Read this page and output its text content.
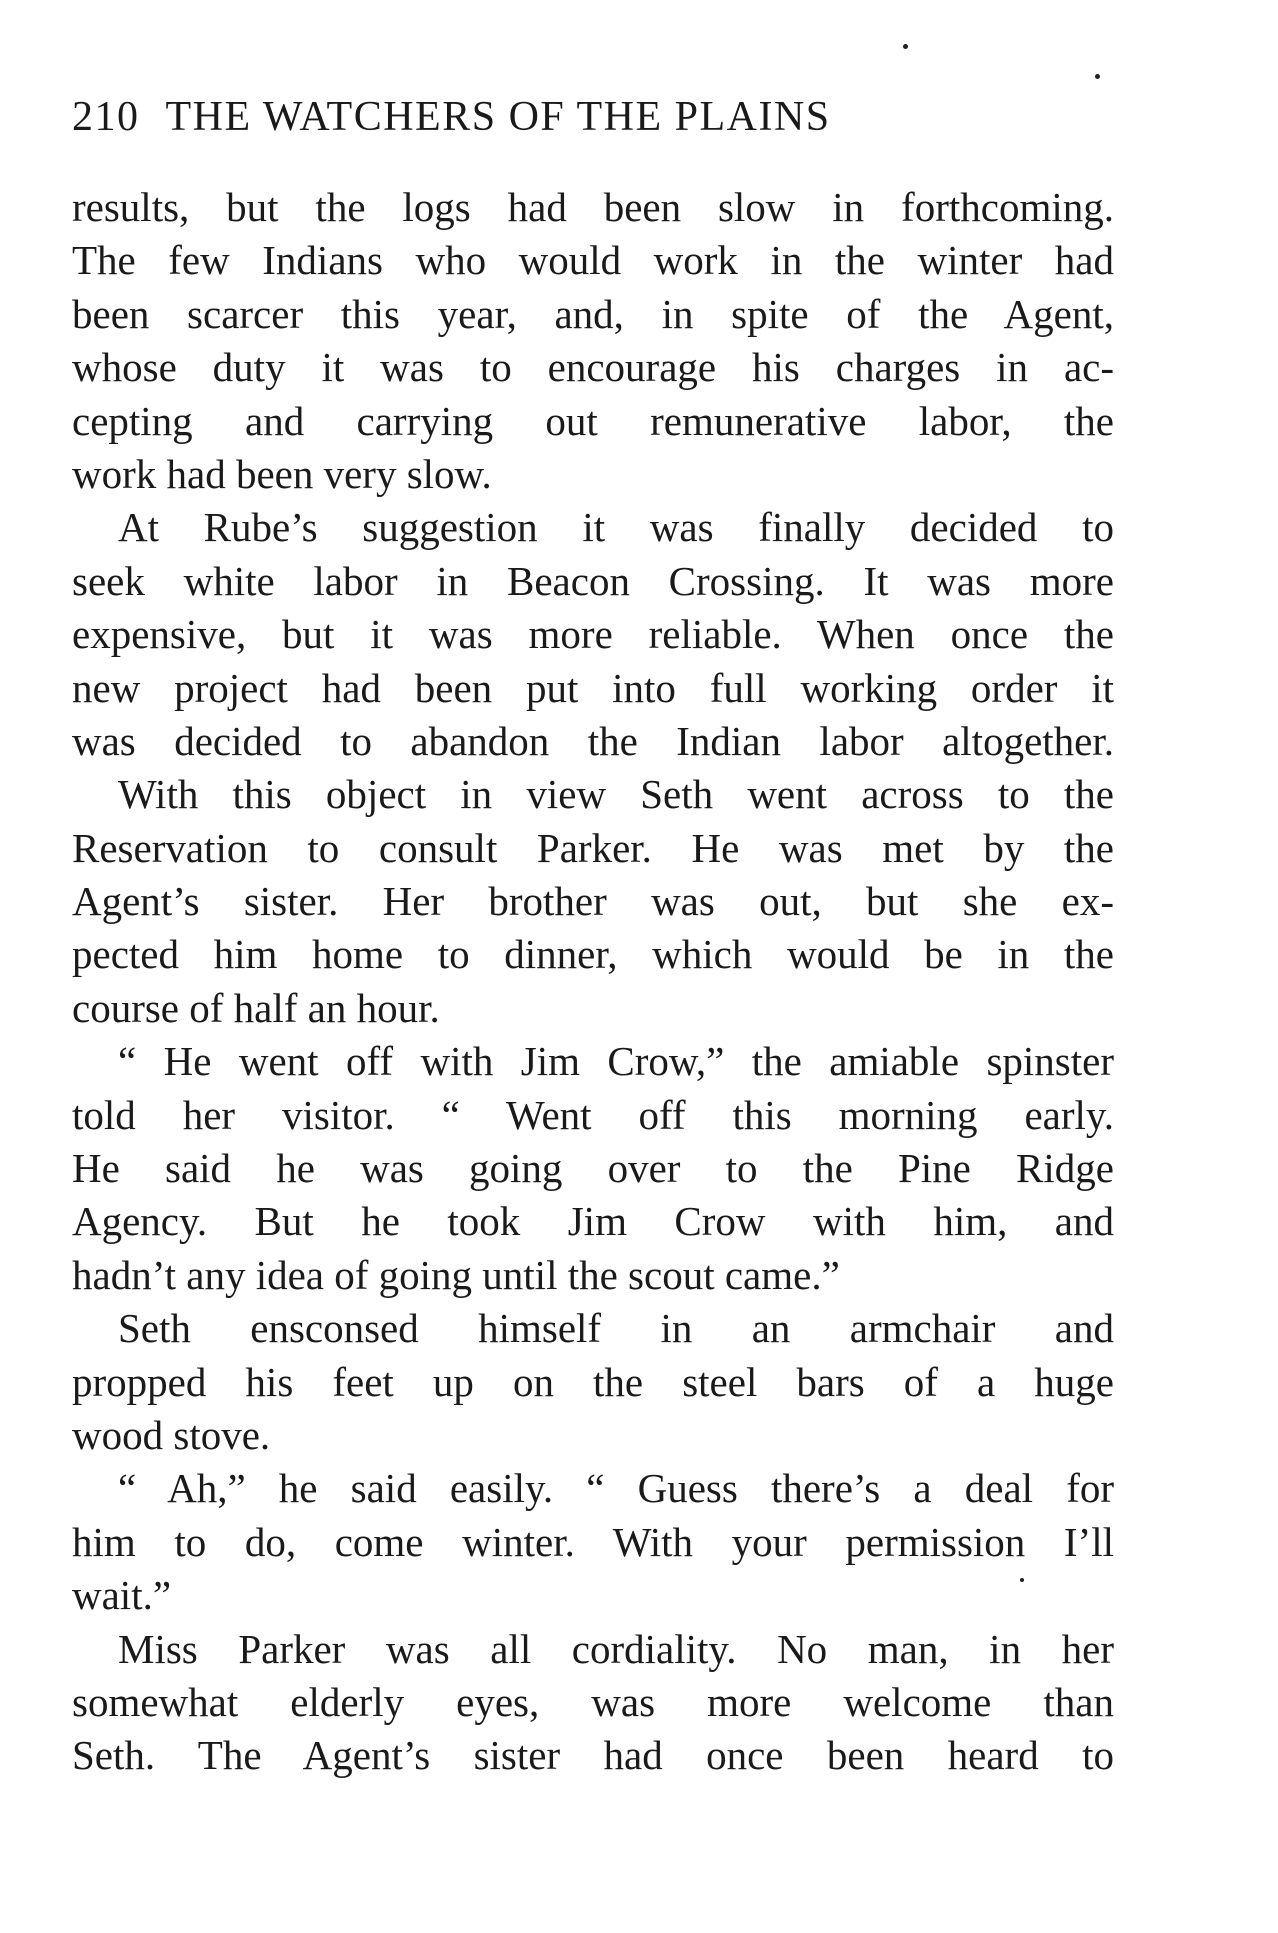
210 THE WATCHERS OF THE PLAINS
results, but the logs had been slow in forthcoming.
The few Indians who would work in the winter had
been scarcer this year, and, in spite of the Agent,
whose duty it was to encourage his charges in ac-
cepting and carrying out remunerative labor, the
work had been very slow.
At Rube’s suggestion it was finally decided to
seek white labor in Beacon Crossing. It was more
expensive, but it was more reliable. When once the
new project had been put into full working order it
was decided to abandon the Indian labor altogether.
With this object in view Seth went across to the
Reservation to consult Parker. He was met by the
Agent’s sister. Her brother was out, but she ex-
pected him home to dinner, which would be in the
course of half an hour.
“ He went off with Jim Crow,” the amiable spinster
told her visitor. “ Went off this morning early.
He said he was going over to the Pine Ridge
Agency. But he took Jim Crow with him, and
hadn’t any idea of going until the scout came.”
Seth ensconsed himself in an armchair and
propped his feet up on the steel bars of a huge
wood stove.
“ Ah,” he said easily. “ Guess there’s a deal for
him to do, come winter. With your permission I’ll
wait.”
Miss Parker was all cordiality. No man, in her
somewhat elderly eyes, was more welcome than
Seth. The Agent’s sister had once been heard to
